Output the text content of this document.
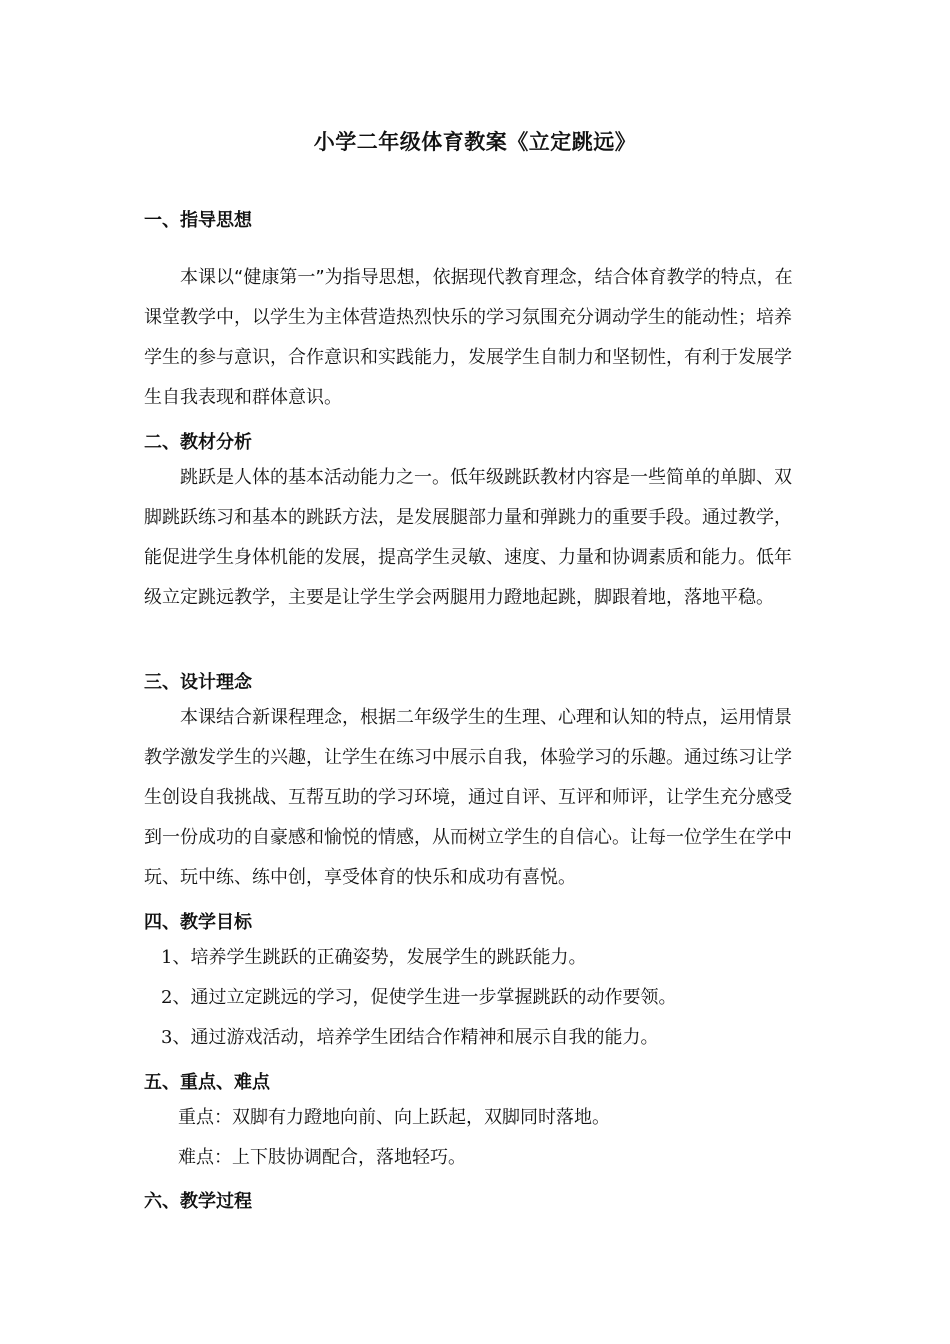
小学二年级体育教案《立定跳远》
一、指导思想

本课以“健康第一”为指导思想，依据现代教育理念，结合体育教学的特点，在课堂教学中，以学生为主体营造热烈快乐的学习氛围充分调动学生的能动性；培养学生的参与意识，合作意识和实践能力，发展学生自制力和坚韧性，有利于发展学生自我表现和群体意识。

二、教材分析

跳跃是人体的基本活动能力之一。低年级跳跃教材内容是一些简单的单脚、双脚跳跃练习和基本的跳跃方法，是发展腿部力量和弹跳力的重要手段。通过教学，能促进学生身体机能的发展，提高学生灵敏、速度、力量和协调素质和能力。低年级立定跳远教学，主要是让学生学会两腿用力蹬地起跳，脚跟着地，落地平稳。

三、设计理念

本课结合新课程理念，根据二年级学生的生理、心理和认知的特点，运用情景教学激发学生的兴趣，让学生在练习中展示自我，体验学习的乐趣。通过练习让学生创设自我挑战、互帮互助的学习环境，通过自评、互评和师评，让学生充分感受到一份成功的自豪感和愉悦的情感，从而树立学生的自信心。让每一位学生在学中玩、玩中练、练中创，享受体育的快乐和成功有喜悦。

四、教学目标
1、培养学生跳跃的正确姿势，发展学生的跳跃能力。
2、通过立定跳远的学习，促使学生进一步掌握跳跃的动作要领。
3、通过游戏活动，培养学生团结合作精神和展示自我的能力。
五、重点、难点
重点：双脚有力蹬地向前、向上跃起，双脚同时落地。
难点：上下肢协调配合，落地轻巧。
六、教学过程
